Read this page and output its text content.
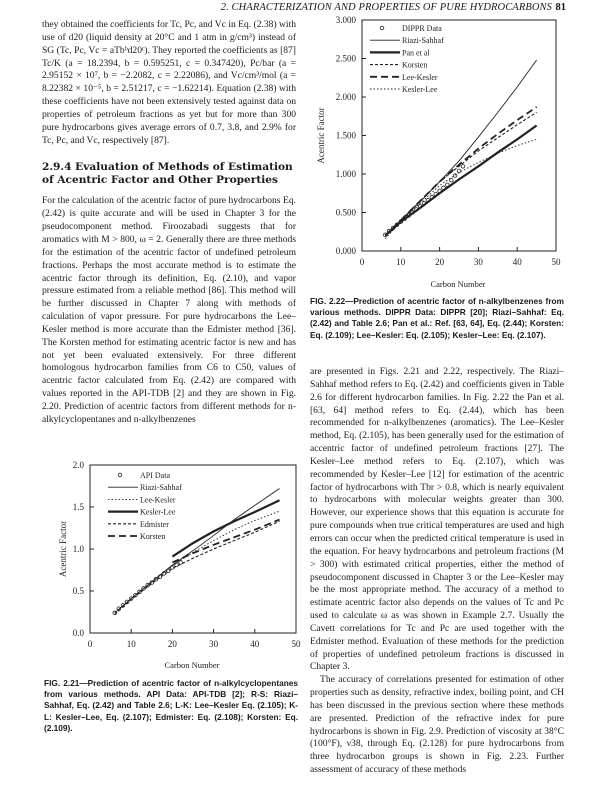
2. CHARACTERIZATION AND PROPERTIES OF PURE HYDROCARBONS 81

they obtained the coefficients for Tc, Pc, and Vc in Eq. (2.38) with use of d20 (liquid density at 20°C and 1 atm in g/cm³) instead of SG (Tc, Pc, Vc = aTbᵇd20ᶜ). They reported the coefficients as [87] Tc/K (a = 18.2394, b = 0.595251, c = 0.347420), Pc/bar (a = 2.95152 × 10⁷, b = −2.2082, c = 2.22086), and Vc/cm³/mol (a = 8.22382 × 10⁻⁵, b = 2.51217, c = −1.62214). Equation (2.38) with these coefficients have not been extensively tested against data on properties of petroleum fractions as yet but for more than 300 pure hydrocarbons gives average errors of 0.7, 3.8, and 2.9% for Tc, Pc, and Vc, respectively [87].

2.9.4 Evaluation of Methods of Estimation of Acentric Factor and Other Properties

For the calculation of the acentric factor of pure hydrocarbons Eq. (2.42) is quite accurate and will be used in Chapter 3 for the pseudocomponent method. Firoozabadi suggests that for aromatics with M > 800, ω = 2. Generally there are three methods for the estimation of the acentric factor of undefined petroleum fractions. Perhaps the most accurate method is to estimate the acentric factor through its definition, Eq. (2.10), and vapor pressure estimated from a reliable method [86]. This method will be further discussed in Chapter 7 along with methods of calculation of vapor pressure. For pure hydrocarbons the Lee–Kesler method is more accurate than the Edmister method [36]. The Korsten method for estimating acentric factor is new and has not yet been evaluated extensively. For three different homologous hydrocarbon families from C6 to C50, values of acentric factor calculated from Eq. (2.42) are compared with values reported in the API-TDB [2] and they are shown in Fig. 2.20. Prediction of acentric factors from different methods for n-alkylcyclopentanes and n-alkylbenzenes

0	10	20	30	40	50
0.0
0.5
1.0
1.5
2.0
Acentric Factor
API Data
Riazi-Sahhaf
Lee-Kesler
Kesler-Lee
Edmister
Korsten
Carbon Number
FIG. 2.21—Prediction of acentric factor of n-alkylcyclopentanes from various methods. API Data: API-TDB [2]; R-S: Riazi–Sahhaf, Eq. (2.42) and Table 2.6; L-K: Lee–Kesler Eq. (2.105); K-L: Kesler–Lee, Eq. (2.107); Edmister: Eq. (2.108); Korsten: Eq. (2.109).
0	10	20	30	40	50
0.000
0.500
1.000
1.500
2.000
2.500
3.000
Acentric Factor
DIPPR Data
Riazi-Sahhaf
Pan et al
Korsten
Lee-Kesler
Kesler-Lee
Carbon Number
FIG. 2.22—Prediction of acentric factor of n-alkylbenzenes from various methods. DIPPR Data: DIPPR [20]; Riazi–Sahhaf: Eq. (2.42) and Table 2.6; Pan et al.: Ref. [63, 64], Eq. (2.44); Korsten: Eq. (2.109); Lee–Kesler: Eq. (2.105); Kesler–Lee: Eq. (2.107).

are presented in Figs. 2.21 and 2.22, respectively. The Riazi–Sahhaf method refers to Eq. (2.42) and coefficients given in Table 2.6 for different hydrocarbon families. In Fig. 2.22 the Pan et al. [63, 64] method refers to Eq. (2.44), which has been recommended for n-alkylbenzenes (aromatics). The Lee–Kesler method, Eq. (2.105), has been generally used for the estimation of accentric factor of undefined petroleum fractions [27]. The Kesler–Lee method refers to Eq. (2.107), which was recommended by Kesler–Lee [12] for estimation of the acentric factor of hydrocarbons with Tbr > 0.8, which is nearly equivalent to hydrocarbons with molecular weights greater than 300. However, our experience shows that this equation is accurate for pure compounds when true critical temperatures are used and high errors can occur when the predicted critical temperature is used in the equation. For heavy hydrocarbons and petroleum fractions (M > 300) with estimated critical properties, either the method of pseudocomponent discussed in Chapter 3 or the Lee–Kesler may be the most appropriate method. The accuracy of a method to estimate acentric factor also depends on the values of Tc and Pc used to calculate ω as was shown in Example 2.7. Usually the Cavett correlations for Tc and Pc are used together with the Edmister method. Evaluation of these methods for the prediction of properties of undefined petroleum fractions is discussed in Chapter 3.

The accuracy of correlations presented for estimation of other properties such as density, refractive index, boiling point, and CH has been discussed in the previous section where these methods are presented. Prediction of the refractive index for pure hydrocarbons is shown in Fig. 2.9. Prediction of viscosity at 38°C (100°F), ν38, through Eq. (2.128) for pure hydrocarbons from three hydrocarbon groups is shown in Fig. 2.23. Further assessment of accuracy of these methods
